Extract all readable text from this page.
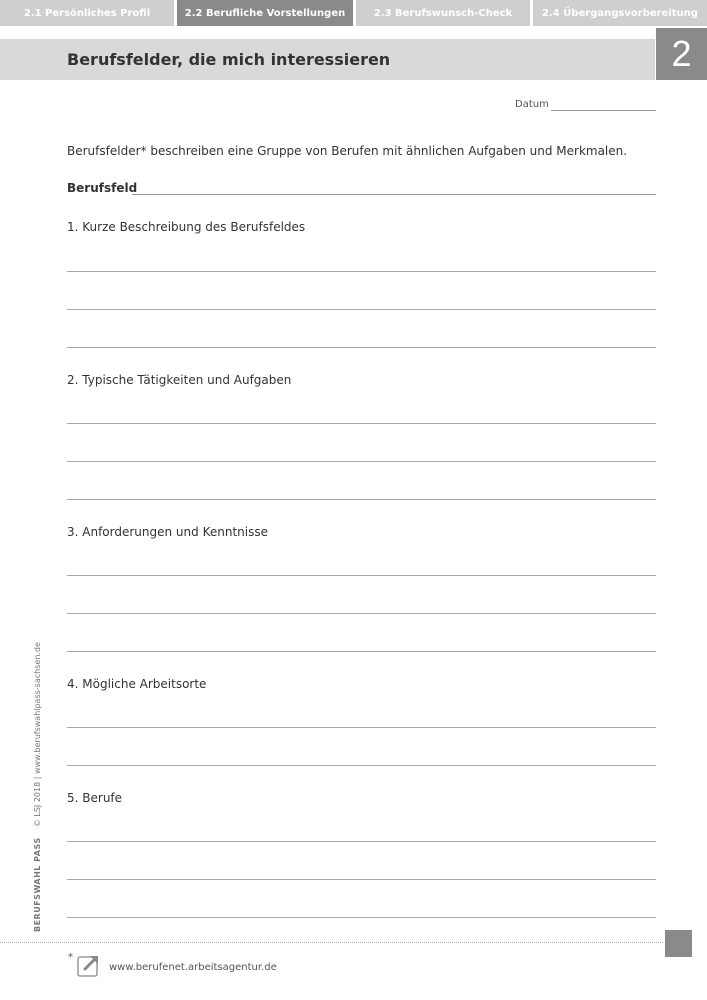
2.1 Persönliches Profil	2.2 Berufliche Vorstellungen	2.3 Berufswunsch-Check	2.4 Übergangsvorbereitung
Berufsfelder, die mich interessieren	2
Datum
Berufsfelder* beschreiben eine Gruppe von Berufen mit ähnlichen Aufgaben und Merkmalen.
Berufsfeld
1. Kurze Beschreibung des Berufsfeldes
2. Typische Tätigkeiten und Aufgaben
3. Anforderungen und Kenntnisse
4. Mögliche Arbeitsorte
5. Berufe
BERUFSWAHL PASS    © LSJ 2018 | www.berufswahlpass-sachsen.de
*
www.berufenet.arbeitsagentur.de
